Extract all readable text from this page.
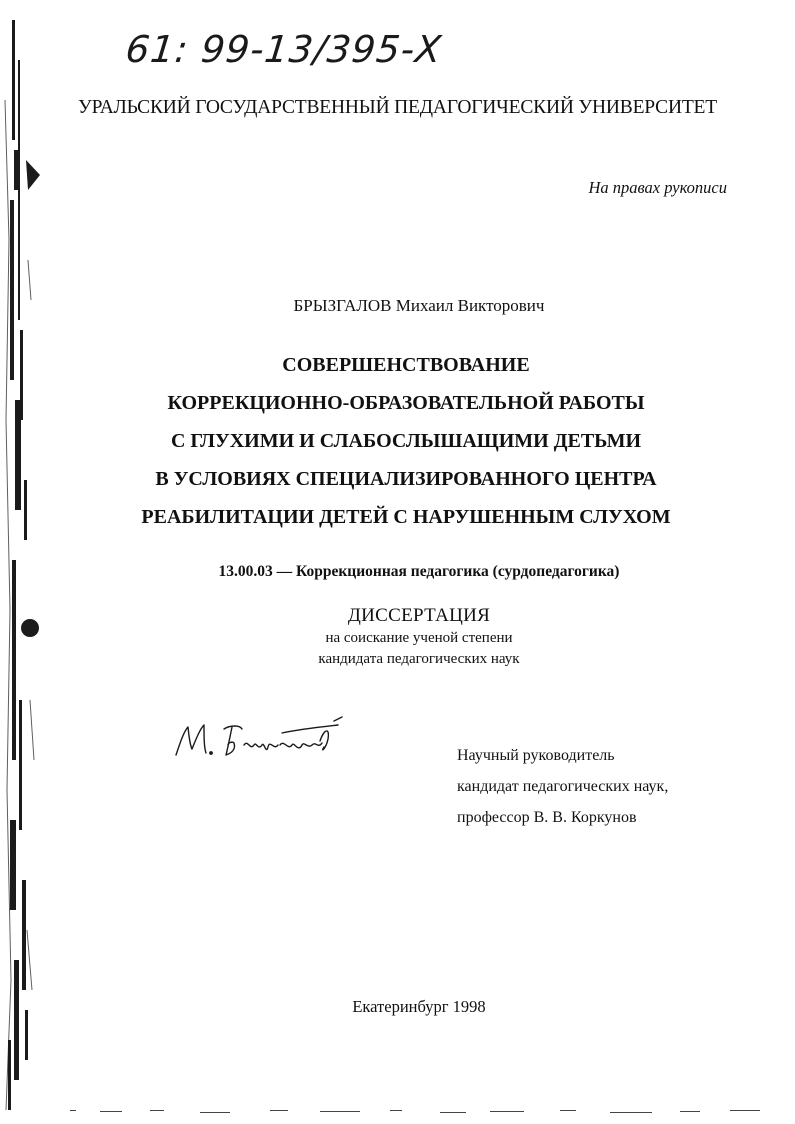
61: 99-13/395-Х
УРАЛЬСКИЙ ГОСУДАРСТВЕННЫЙ ПЕДАГОГИЧЕСКИЙ УНИВЕРСИТЕТ
На правах рукописи
БРЫЗГАЛОВ Михаил Викторович
СОВЕРШЕНСТВОВАНИЕ
КОРРЕКЦИОННО-ОБРАЗОВАТЕЛЬНОЙ РАБОТЫ
С ГЛУХИМИ И СЛАБОСЛЫШАЩИМИ ДЕТЬМИ
В УСЛОВИЯХ СПЕЦИАЛИЗИРОВАННОГО ЦЕНТРА
РЕАБИЛИТАЦИИ ДЕТЕЙ С НАРУШЕННЫМ СЛУХОМ
13.00.03 — Коррекционная педагогика (сурдопедагогика)
ДИССЕРТАЦИЯ
на соискание ученой степени
кандидата педагогических наук
Научный руководитель
кандидат педагогических наук,
профессор В. В. Коркунов
Екатеринбург 1998
